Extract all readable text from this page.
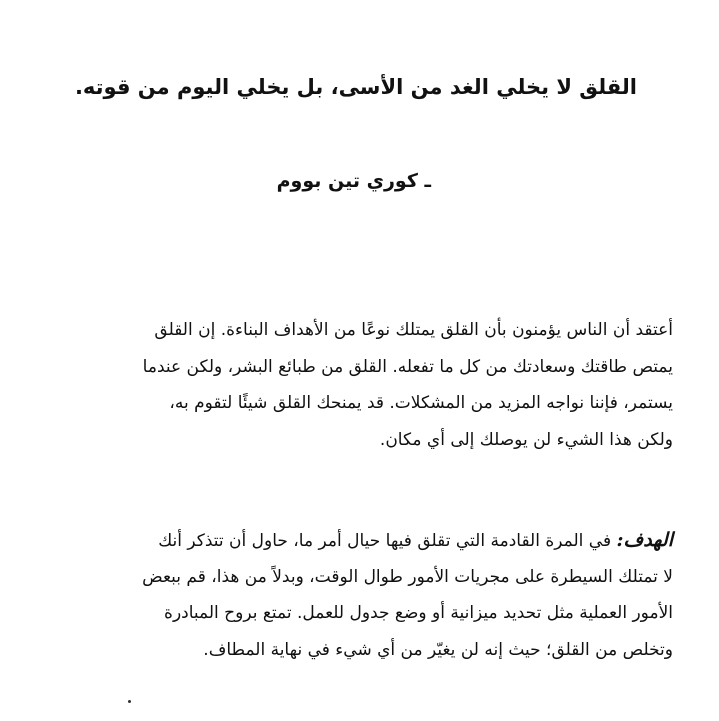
القلق لا يخلي الغد من الأسى، بل يخلي اليوم من قوته.

ـ كوري تين بووم

أعتقد أن الناس يؤمنون بأن القلق يمتلك نوعًا من الأهداف البناءة. إن القلق
يمتص طاقتك وسعادتك من كل ما تفعله. القلق من طبائع البشر، ولكن عندما
يستمر، فإننا نواجه المزيد من المشكلات. قد يمنحك القلق شيئًا لتقوم به،
ولكن هذا الشيء لن يوصلك إلى أي مكان.
الهدف: في المرة القادمة التي تقلق فيها حيال أمر ما، حاول أن تتذكر أنك
لا تمتلك السيطرة على مجريات الأمور طوال الوقت، وبدلاً من هذا، قم ببعض
الأمور العملية مثل تحديد ميزانية أو وضع جدول للعمل. تمتع بروح المبادرة
وتخلص من القلق؛ حيث إنه لن يغيّر من أي شيء في نهاية المطاف.
